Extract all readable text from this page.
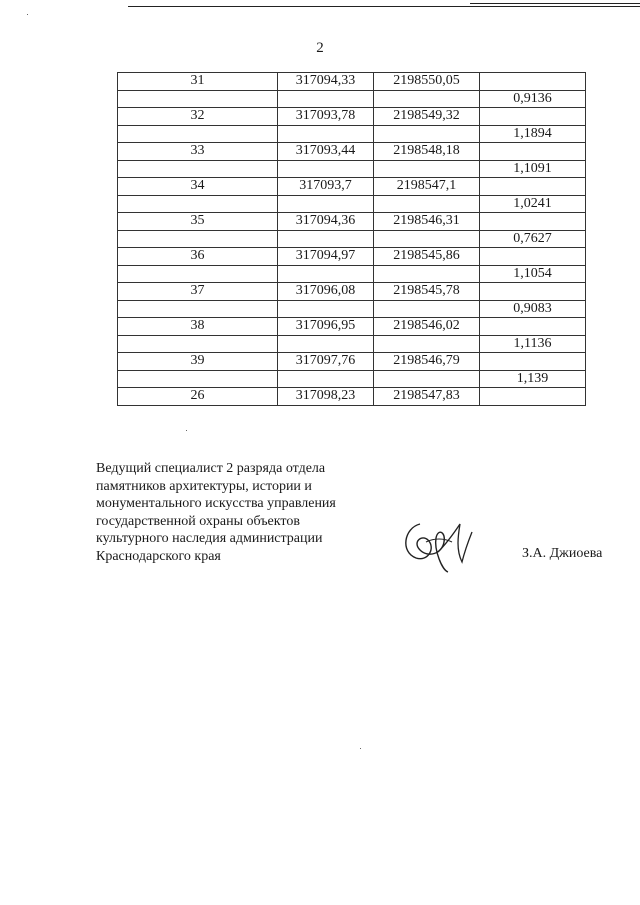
2
31	317094,33	2198550,05	
			0,9136
32	317093,78	2198549,32	
			1,1894
33	317093,44	2198548,18	
			1,1091
34	317093,7	2198547,1	
			1,0241
35	317094,36	2198546,31	
			0,7627
36	317094,97	2198545,86	
			1,1054
37	317096,08	2198545,78	
			0,9083
38	317096,95	2198546,02	
			1,1136
39	317097,76	2198546,79	
			1,139
26	317098,23	2198547,83	
Ведущий специалист 2 разряда отдела
памятников архитектуры, истории и
монументального искусства управления
государственной охраны объектов
культурного наследия администрации
Краснодарского края	З.А. Джиоева
